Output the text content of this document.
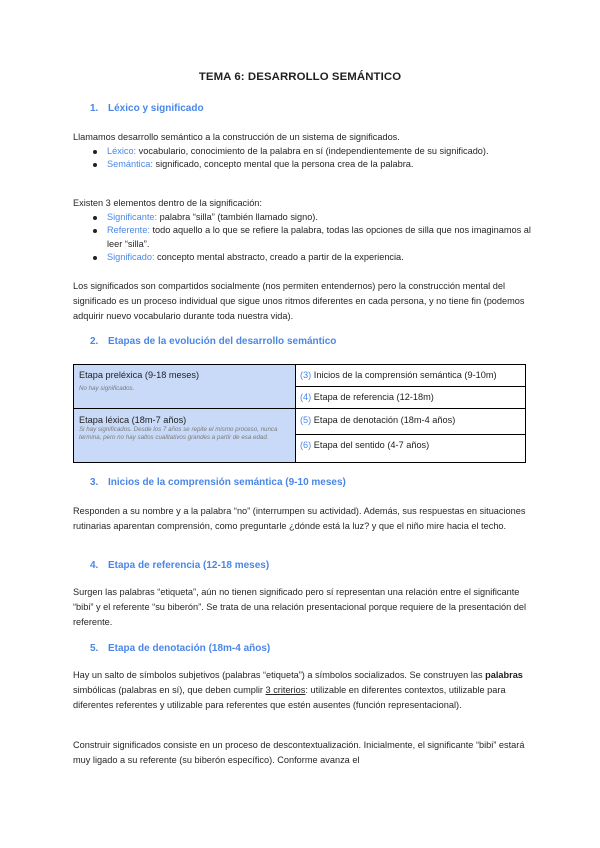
TEMA 6: DESARROLLO SEMÁNTICO
1. Léxico y significado

Llamamos desarrollo semántico a la construcción de un sistema de significados.

Léxico: vocabulario, conocimiento de la palabra en sí (independientemente de su significado).
Semántica: significado, concepto mental que la persona crea de la palabra.

Existen 3 elementos dentro de la significación:

Significante: palabra “silla” (también llamado signo).
Referente: todo aquello a lo que se refiere la palabra, todas las opciones de silla que nos imaginamos al leer “silla”.
Significado: concepto mental abstracto, creado a partir de la experiencia.

Los significados son compartidos socialmente (nos permiten entendernos) pero la construcción mental del significado es un proceso individual que sigue unos ritmos diferentes en cada persona, y no tiene fin (podemos adquirir nuevo vocabulario durante toda nuestra vida).

2. Etapas de la evolución del desarrollo semántico
Etapa preléxica (9-18 meses)
No hay significados.
Etapa léxica (18m-7 años)
Si hay significados. Desde los 7 años se repite el mismo proceso, nunca termina, pero no hay saltos cualitativos grandes a partir de esa edad.
(3) Inicios de la comprensión semántica (9-10m)
(4) Etapa de referencia (12-18m)
(5) Etapa de denotación (18m-4 años)
(6) Etapa del sentido (4-7 años)
3. Inicios de la comprensión semántica (9-10 meses)

Responden a su nombre y a la palabra “no” (interrumpen su actividad). Además, sus respuestas en situaciones rutinarias aparentan comprensión, como preguntarle ¿dónde está la luz? y que el niño mire hacia el techo.

4. Etapa de referencia (12-18 meses)

Surgen las palabras “etiqueta”, aún no tienen significado pero sí representan una relación entre el significante “bibi” y el referente “su biberón”. Se trata de una relación presentacional porque requiere de la presentación del referente.

5. Etapa de denotación (18m-4 años)

Hay un salto de símbolos subjetivos (palabras “etiqueta”) a símbolos socializados. Se construyen las palabras simbólicas (palabras en sí), que deben cumplir 3 criterios: utilizable en diferentes contextos, utilizable para diferentes referentes y utilizable para referentes que estén ausentes (función representacional).

Construir significados consiste en un proceso de descontextualización. Inicialmente, el significante “bibi” estará muy ligado a su referente (su biberón específico). Conforme avanza el
